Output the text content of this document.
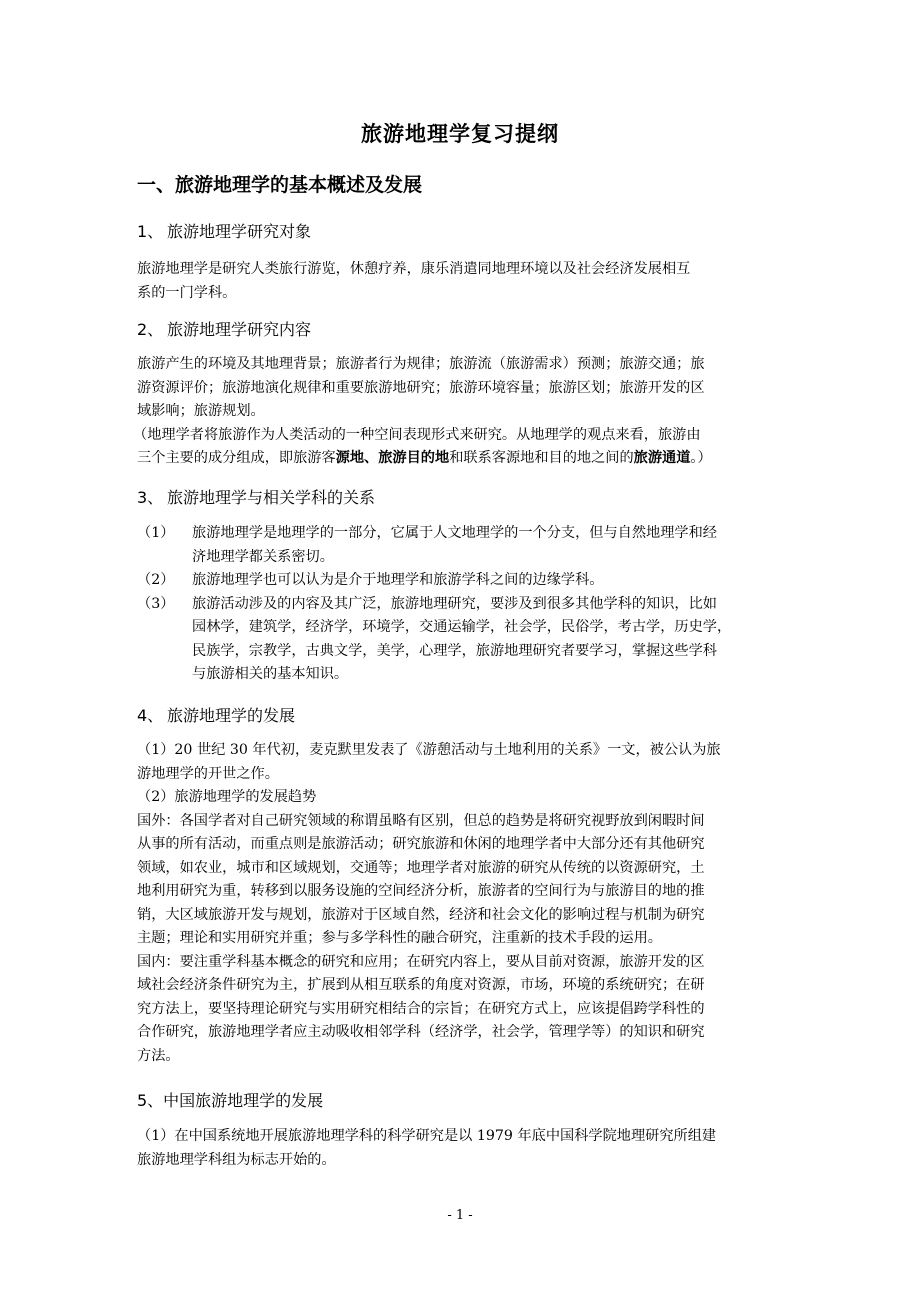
旅游地理学复习提纲
一、旅游地理学的基本概述及发展
1、 旅游地理学研究对象
旅游地理学是研究人类旅行游览，休憩疗养，康乐消遣同地理环境以及社会经济发展相互
系的一门学科。
2、 旅游地理学研究内容
旅游产生的环境及其地理背景；旅游者行为规律；旅游流（旅游需求）预测；旅游交通；旅
游资源评价；旅游地演化规律和重要旅游地研究；旅游环境容量；旅游区划；旅游开发的区
域影响；旅游规划。
（地理学者将旅游作为人类活动的一种空间表现形式来研究。从地理学的观点来看，旅游由
三个主要的成分组成，即旅游客源地、旅游目的地和联系客源地和目的地之间的旅游通道。）
3、 旅游地理学与相关学科的关系
（1） 旅游地理学是地理学的一部分，它属于人文地理学的一个分支，但与自然地理学和经
济地理学都关系密切。
（2） 旅游地理学也可以认为是介于地理学和旅游学科之间的边缘学科。
（3） 旅游活动涉及的内容及其广泛，旅游地理研究，要涉及到很多其他学科的知识，比如
园林学，建筑学，经济学，环境学，交通运输学，社会学，民俗学，考古学，历史学，
民族学，宗教学，古典文学，美学，心理学，旅游地理研究者要学习，掌握这些学科
与旅游相关的基本知识。
4、 旅游地理学的发展
（1）20 世纪 30 年代初，麦克默里发表了《游憩活动与土地利用的关系》一文，被公认为旅
游地理学的开世之作。
（2）旅游地理学的发展趋势
国外：各国学者对自己研究领域的称谓虽略有区别，但总的趋势是将研究视野放到闲暇时间
从事的所有活动，而重点则是旅游活动；研究旅游和休闲的地理学者中大部分还有其他研究
领域，如农业，城市和区域规划，交通等；地理学者对旅游的研究从传统的以资源研究，土
地利用研究为重，转移到以服务设施的空间经济分析，旅游者的空间行为与旅游目的地的推
销，大区域旅游开发与规划，旅游对于区域自然，经济和社会文化的影响过程与机制为研究
主题；理论和实用研究并重；参与多学科性的融合研究，注重新的技术手段的运用。
国内：要注重学科基本概念的研究和应用；在研究内容上，要从目前对资源，旅游开发的区
域社会经济条件研究为主，扩展到从相互联系的角度对资源，市场，环境的系统研究；在研
究方法上，要坚持理论研究与实用研究相结合的宗旨；在研究方式上，应该提倡跨学科性的
合作研究，旅游地理学者应主动吸收相邻学科（经济学，社会学，管理学等）的知识和研究
方法。
5、中国旅游地理学的发展
（1）在中国系统地开展旅游地理学科的科学研究是以 1979 年底中国科学院地理研究所组建
旅游地理学科组为标志开始的。
- 1 -
